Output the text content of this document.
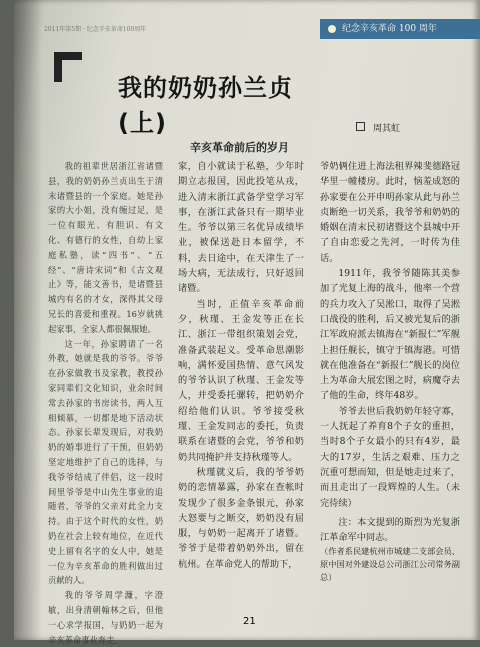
2011年第5期 · 纪念辛亥革命100周年	纪念辛亥革命 100 周年
我的奶奶孙兰贞(上)	周其虹
辛亥革命前后的岁月

我的祖辈世居浙江省诸暨县，我的奶奶孙兰贞出生于清末诸暨县的一个家庭。她是孙家的大小姐，没有缠过足，是一位有眼光、有胆识、有文化、有德行的女性，自幼上家庭私塾，读“四书”、“五经”、“唐诗宋词”和《古文观止》等，能文善书，是诸暨县城内有名的才女，深得其父母兄长的喜爱和重视。16岁就挑起家事，全家人都很佩服她。

这一年，孙家聘请了一名外教，她就是我的爷爷。爷爷在孙家做教书及家教，教授孙家同辈们文化知识，业余时间常去孙家的书房读书，两人互相倾慕，一切都是地下活动状态。孙家长辈发现后，对我奶奶的婚事进行了干预，但奶奶坚定地维护了自己的选择，与我爷爷结成了伴侣，这一段时间里爷爷是中山先生事业的追随者，爷爷的父亲对此全力支持。由于这个时代的女性，奶奶在社会上较有地位，在近代史上留有名字的女人中，她是一位为辛亥革命的胜利做出过贡献的人。

我的爷爷周学濂，字澄敏，出身清朝翰林之后，但他一心求学报国，与奶奶一起为辛亥革命事业奔走。

家，自小就读于私塾，少年时期立志报国，因此投笔从戎，进入清末浙江武备学堂学习军事，在浙江武备只有一期毕业生。爷爷以第三名优异成绩毕业，被保送赴日本留学，不料，去日途中，在天津生了一场大病，无法成行，只好返回诸暨。

当时，正值辛亥革命前夕，秋瑾、王金发等正在长江、浙江一带组织策划会党，准备武装起义。受革命思潮影响，满怀爱国热情、意气风发的爷爷认识了秋瑾、王金发等人，并受委托骡转，把奶奶介绍给他们认识。爷爷接受秋瑾、王金发同志的委托，负责联系在诸暨的会党，爷爷和奶奶共同掩护并支持秋瑾等人。

秋瑾就义后，我的爷爷奶奶的恋情暴露，孙家在查帐时发现少了很多金条银元，孙家大怒要与之断交，奶奶没有屈服，与奶奶一起离开了诸暨。爷爷于是带着奶奶外出，留在杭州。在革命党人的帮助下，

爷奶俩住进上海法租界辣斐德路冠华里一幢楼房。此时，恼羞成怒的孙家要在公开申明孙家从此与孙兰贞断绝一切关系，我爷爷和奶奶的婚姻在清末民初诸暨这个县城中开了自由恋爱之先河，一时传为佳话。

1911年，我爷爷随陈其美参加了光复上海的战斗，他率一个营的兵力攻入了吴淞口，取得了吴淞口战役的胜利，后又被光复后的浙江军政府派去镇海在“新报仁”军舰上担任舰长，镇守于镇海港。可惜就在他准备在“新报仁”舰长的岗位上为革命大展宏图之时，病魔夺去了他的生命，终年48岁。

爷爷去世后我奶奶年轻守寡，一人抚起了养育8个子女的重担，当时8个子女最小的只有4岁，最大的17岁，生活之艰难、压力之沉重可想而知，但是她走过来了，而且走出了一段辉煌的人生。（未完待续）

注：本文提到的斯烈为光复浙江革命军中同志。

（作者系民建杭州市城建二支部会员、原中国对外建设总公司浙江公司常务副总）

21
